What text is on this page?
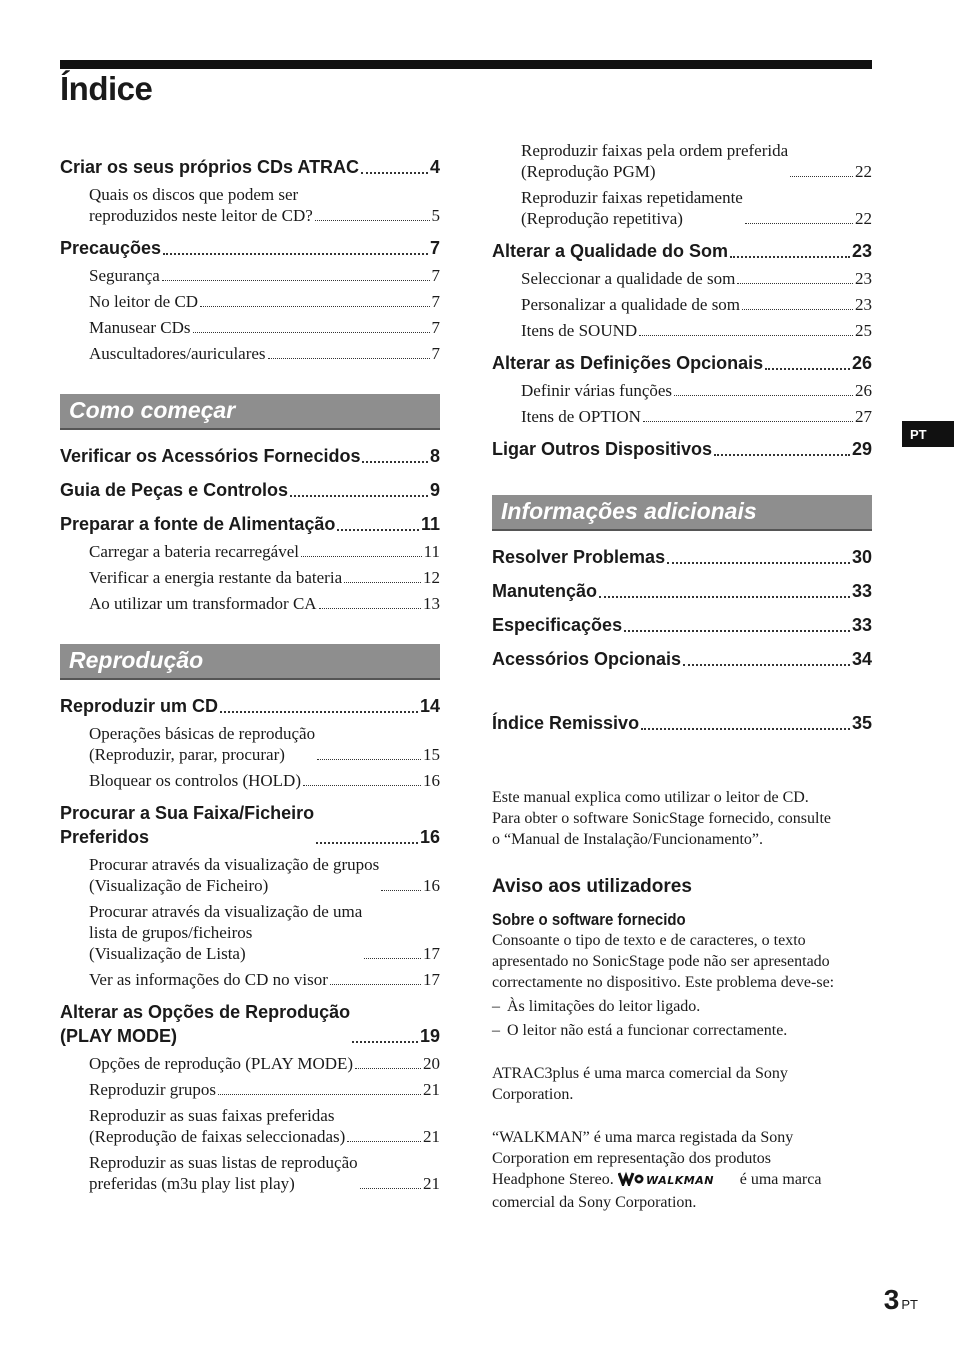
Índice
Criar os seus próprios CDs ATRAC	4
Quais os discos que podem ser
reproduzidos neste leitor de CD?	5
Precauções	7
Segurança	7
No leitor de CD	7
Manusear CDs	7
Auscultadores/auriculares	7
Como começar
Verificar os Acessórios Fornecidos	8
Guia de Peças e Controlos	9
Preparar a fonte de Alimentação	11
Carregar a bateria recarregável	11
Verificar a energia restante da bateria	12
Ao utilizar um transformador CA	13
Reprodução
Reproduzir um CD	14
Operações básicas de reprodução
(Reproduzir, parar, procurar)	15
Bloquear os controlos (HOLD)	16
Procurar a Sua Faixa/Ficheiro
Preferidos	16
Procurar através da visualização de grupos
(Visualização de Ficheiro)	16
Procurar através da visualização de uma
lista de grupos/ficheiros
(Visualização de Lista)	17
Ver as informações do CD no visor	17
Alterar as Opções de Reprodução
(PLAY MODE)	19
Opções de reprodução (PLAY MODE)	20
Reproduzir grupos	21
Reproduzir as suas faixas preferidas
(Reprodução de faixas seleccionadas)	21
Reproduzir as suas listas de reprodução
preferidas (m3u play list play)	21
Reproduzir faixas pela ordem preferida
(Reprodução PGM)	22
Reproduzir faixas repetidamente
(Reprodução repetitiva)	22
Alterar a Qualidade do Som	23
Seleccionar a qualidade de som	23
Personalizar a qualidade de som	23
Itens de SOUND	25
Alterar as Definições Opcionais	26
Definir várias funções	26
Itens de OPTION	27
Ligar Outros Dispositivos	29
Informações adicionais
Resolver Problemas	30
Manutenção	33
Especificações	33
Acessórios Opcionais	34
Índice Remissivo	35

Este manual explica como utilizar o leitor de CD.
Para obter o software SonicStage fornecido, consulte
o “Manual de Instalação/Funcionamento”.

Aviso aos utilizadores
Sobre o software fornecido

Consoante o tipo de texto e de caracteres, o texto
apresentado no SonicStage pode não ser apresentado
correctamente no dispositivo. Este problema deve-se:

– Às limitações do leitor ligado.
– O leitor não está a funcionar correctamente.

ATRAC3plus é uma marca comercial da Sony
Corporation.

“WALKMAN” é uma marca registada da Sony
Corporation em representação dos produtos
Headphone Stereo.	WALKMAN é uma marca
comercial da Sony Corporation.

PT
3 PT
